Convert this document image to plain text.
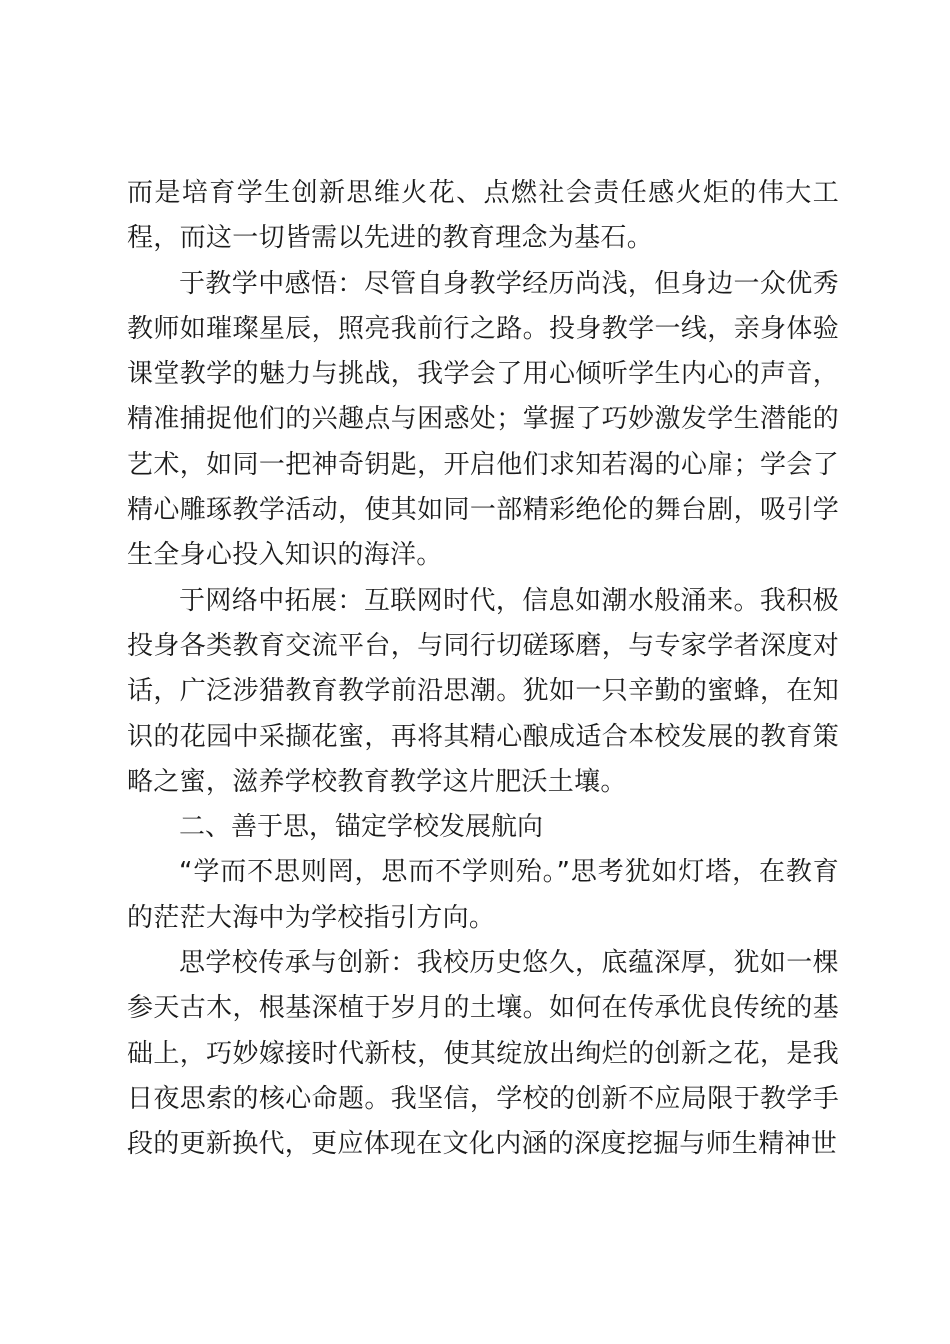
而是培育学生创新思维火花、点燃社会责任感火炬的伟大工程，而这一切皆需以先进的教育理念为基石。

于教学中感悟：尽管自身教学经历尚浅，但身边一众优秀教师如璀璨星辰，照亮我前行之路。投身教学一线，亲身体验课堂教学的魅力与挑战，我学会了用心倾听学生内心的声音，精准捕捉他们的兴趣点与困惑处；掌握了巧妙激发学生潜能的艺术，如同一把神奇钥匙，开启他们求知若渴的心扉；学会了精心雕琢教学活动，使其如同一部精彩绝伦的舞台剧，吸引学生全身心投入知识的海洋。

于网络中拓展：互联网时代，信息如潮水般涌来。我积极投身各类教育交流平台，与同行切磋琢磨，与专家学者深度对话，广泛涉猎教育教学前沿思潮。犹如一只辛勤的蜜蜂，在知识的花园中采撷花蜜，再将其精心酿成适合本校发展的教育策略之蜜，滋养学校教育教学这片肥沃土壤。

二、善于思，锚定学校发展航向

“学而不思则罔，思而不学则殆。”思考犹如灯塔，在教育的茫茫大海中为学校指引方向。

思学校传承与创新：我校历史悠久，底蕴深厚，犹如一棵参天古木，根基深植于岁月的土壤。如何在传承优良传统的基础上，巧妙嫁接时代新枝，使其绽放出绚烂的创新之花，是我日夜思索的核心命题。我坚信，学校的创新不应局限于教学手段的更新换代，更应体现在文化内涵的深度挖掘与师生精神世
